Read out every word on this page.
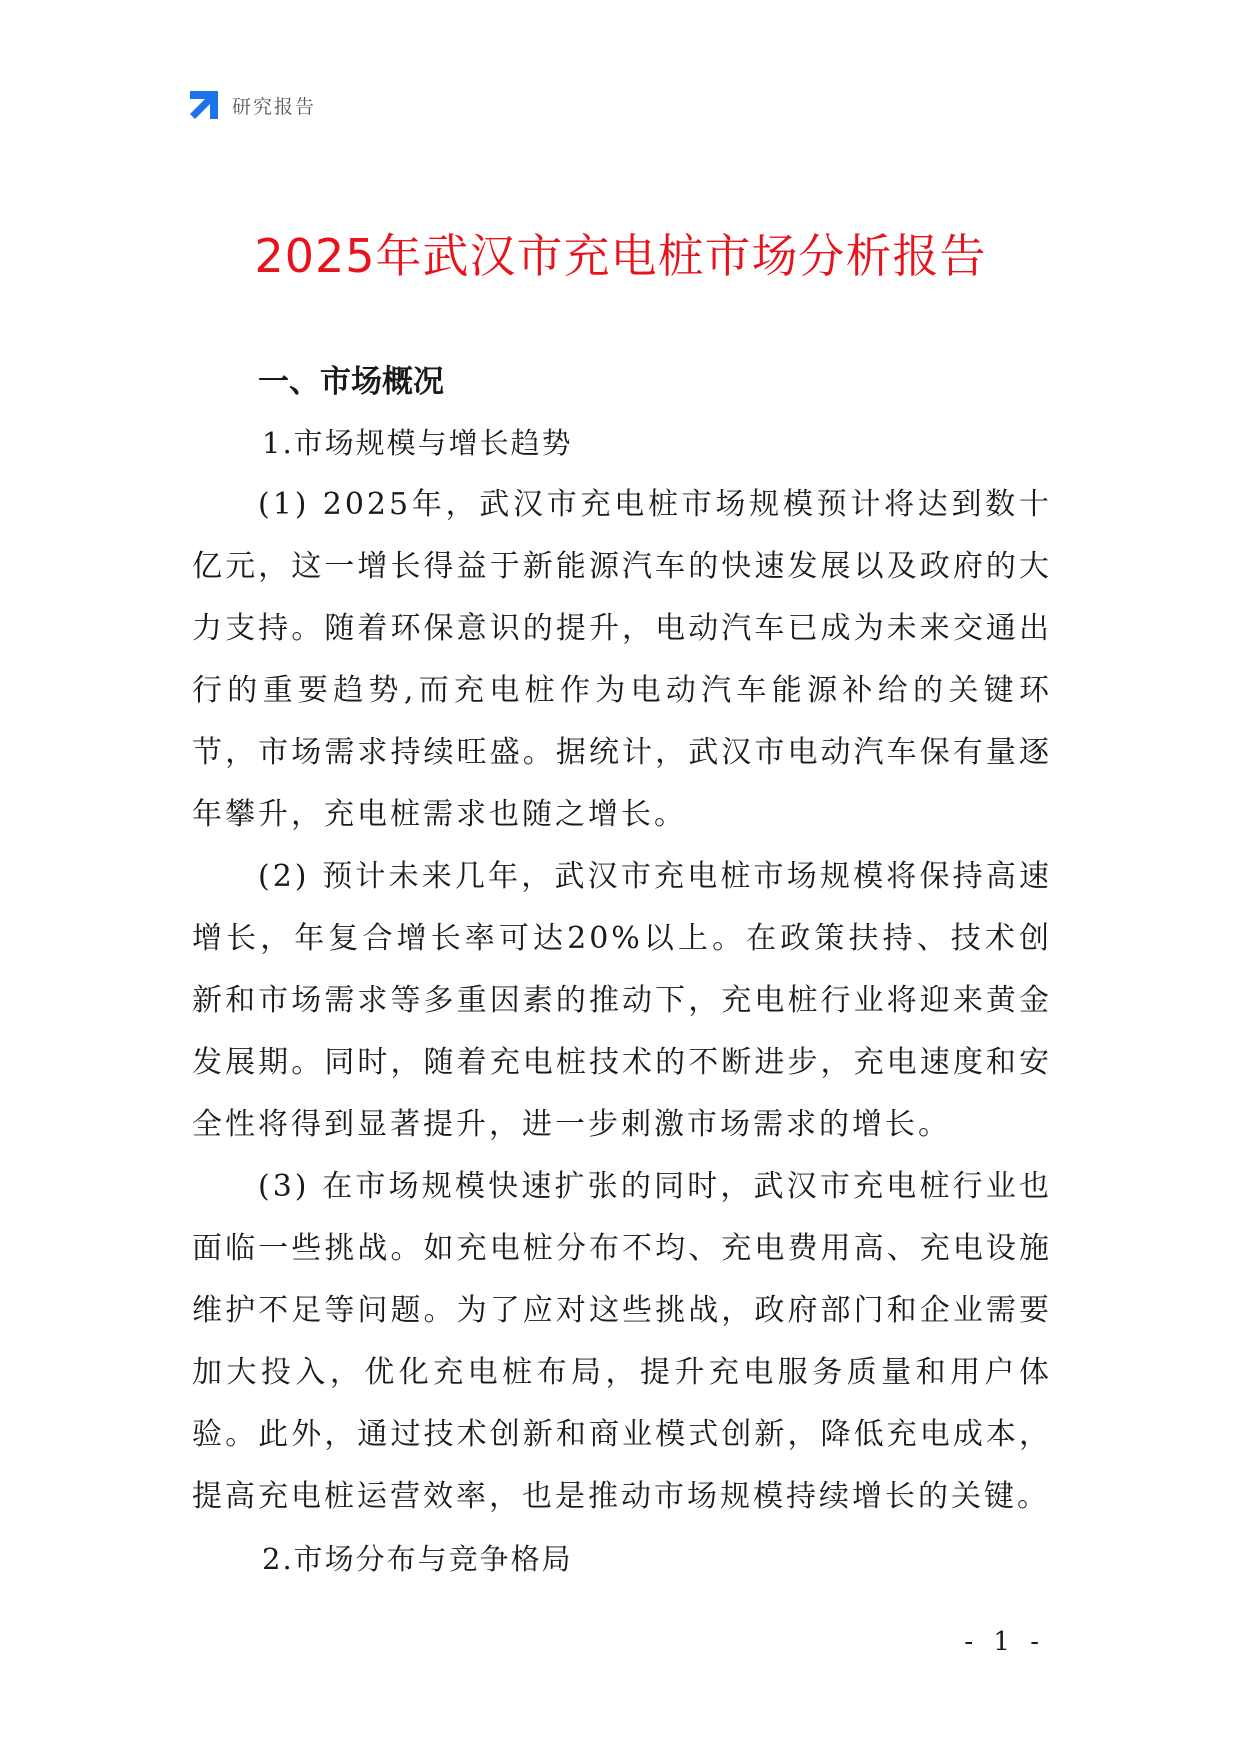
研究报告
2025年武汉市充电桩市场分析报告

一、市场概况

1.市场规模与增长趋势

(1) 2025年，武汉市充电桩市场规模预计将达到数十亿元，这一增长得益于新能源汽车的快速发展以及政府的大力支持。随着环保意识的提升，电动汽车已成为未来交通出行的重要趋势,而充电桩作为电动汽车能源补给的关键环节，市场需求持续旺盛。据统计，武汉市电动汽车保有量逐年攀升，充电桩需求也随之增长。

(2) 预计未来几年，武汉市充电桩市场规模将保持高速增长，年复合增长率可达20%以上。在政策扶持、技术创新和市场需求等多重因素的推动下，充电桩行业将迎来黄金发展期。同时，随着充电桩技术的不断进步，充电速度和安全性将得到显著提升，进一步刺激市场需求的增长。

(3) 在市场规模快速扩张的同时，武汉市充电桩行业也面临一些挑战。如充电桩分布不均、充电费用高、充电设施维护不足等问题。为了应对这些挑战，政府部门和企业需要加大投入，优化充电桩布局，提升充电服务质量和用户体验。此外，通过技术创新和商业模式创新，降低充电成本，提高充电桩运营效率，也是推动市场规模持续增长的关键。

2.市场分布与竞争格局

- 1 -
